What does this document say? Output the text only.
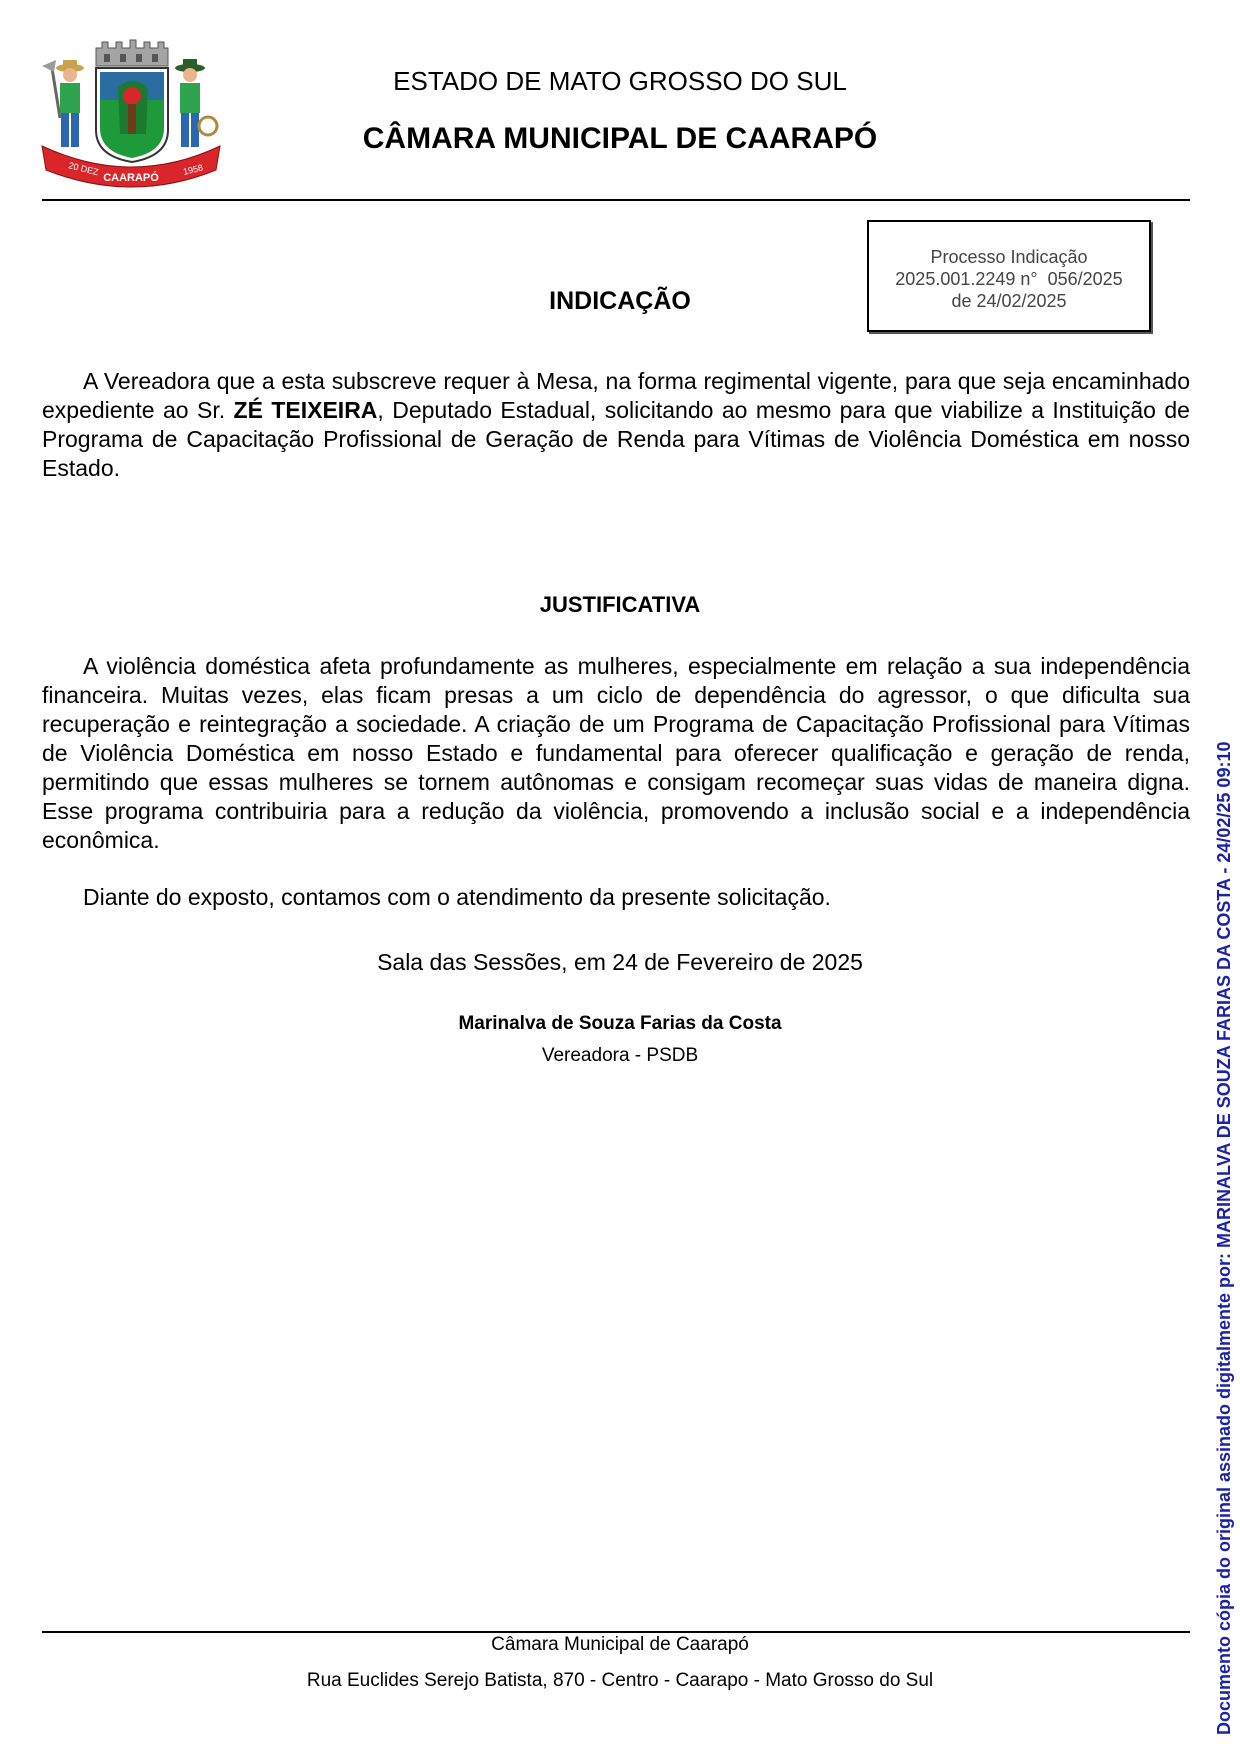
20 DEZ
CAARAPÓ
1958
ESTADO DE MATO GROSSO DO SUL
CÂMARA MUNICIPAL DE CAARAPÓ
Processo Indicação
2025.001.2249 n°  056/2025
de 24/02/2025
INDICAÇÃO
A Vereadora que a esta subscreve requer à Mesa, na forma regimental vigente, para que seja encaminhado expediente ao Sr. ZÉ TEIXEIRA, Deputado Estadual, solicitando ao mesmo para que viabilize a Instituição de Programa de Capacitação Profissional de Geração de Renda para Vítimas de Violência Doméstica em nosso Estado.
JUSTIFICATIVA
A violência doméstica afeta profundamente as mulheres, especialmente em relação a sua independência financeira. Muitas vezes, elas ficam presas a um ciclo de dependência do agressor, o que dificulta sua recuperação e reintegração a sociedade. A criação de um Programa de Capacitação Profissional para Vítimas de Violência Doméstica em nosso Estado e fundamental para oferecer qualificação e geração de renda, permitindo que essas mulheres se tornem autônomas e consigam recomeçar suas vidas de maneira digna. Esse programa contribuiria para a redução da violência, promovendo a inclusão social e a independência econômica.
Diante do exposto, contamos com o atendimento da presente solicitação.
Sala das Sessões, em 24 de Fevereiro de 2025
Marinalva de Souza Farias da Costa
Vereadora - PSDB
Câmara Municipal de Caarapó
Rua Euclides Serejo Batista, 870 - Centro - Caarapo - Mato Grosso do Sul	Documento cópia do original assinado digitalmente por: MARINALVA DE SOUZA FARIAS DA COSTA - 24/02/25 09:10
